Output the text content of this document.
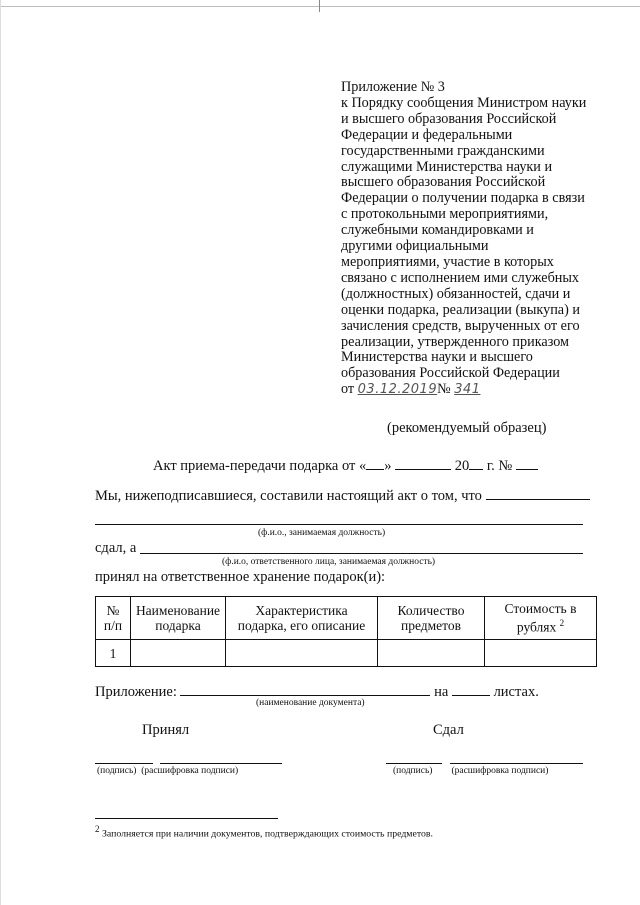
Приложение № 3
к Порядку сообщения Министром науки
и высшего образования Российской
Федерации и федеральными
государственными гражданскими
служащими Министерства науки и
высшего образования Российской
Федерации о получении подарка в связи
с протокольными мероприятиями,
служебными командировками и
другими официальными
мероприятиями, участие в которых
связано с исполнением ими служебных
(должностных) обязанностей, сдачи и
оценки подарка, реализации (выкупа) и
зачисления средств, вырученных от его
реализации, утвержденного приказом
Министерства науки и высшего
образования Российской Федерации
от 03.12.2019№ 341
(рекомендуемый образец)
Акт приема-передачи подарка от « »	20 г. №
Мы, нижеподписавшиеся, составили настоящий акт о том, что
(ф.и.о., занимаемая должность)
сдал, а
(ф.и.о, ответственного лица, занимаемая должность)
принял на ответственное хранение подарок(и):
№ п/п	Наименование подарка	Характеристика подарка, его описание	Количество предметов	Стоимость в рублях $^2$
1				
Приложение:	на	листах.
(наименование документа)
Принял	Сдал
(подпись) (расшифровка подписи)	(подпись) (расшифровка подписи)
$^2$ Заполняется при наличии документов, подтверждающих стоимость предметов.
